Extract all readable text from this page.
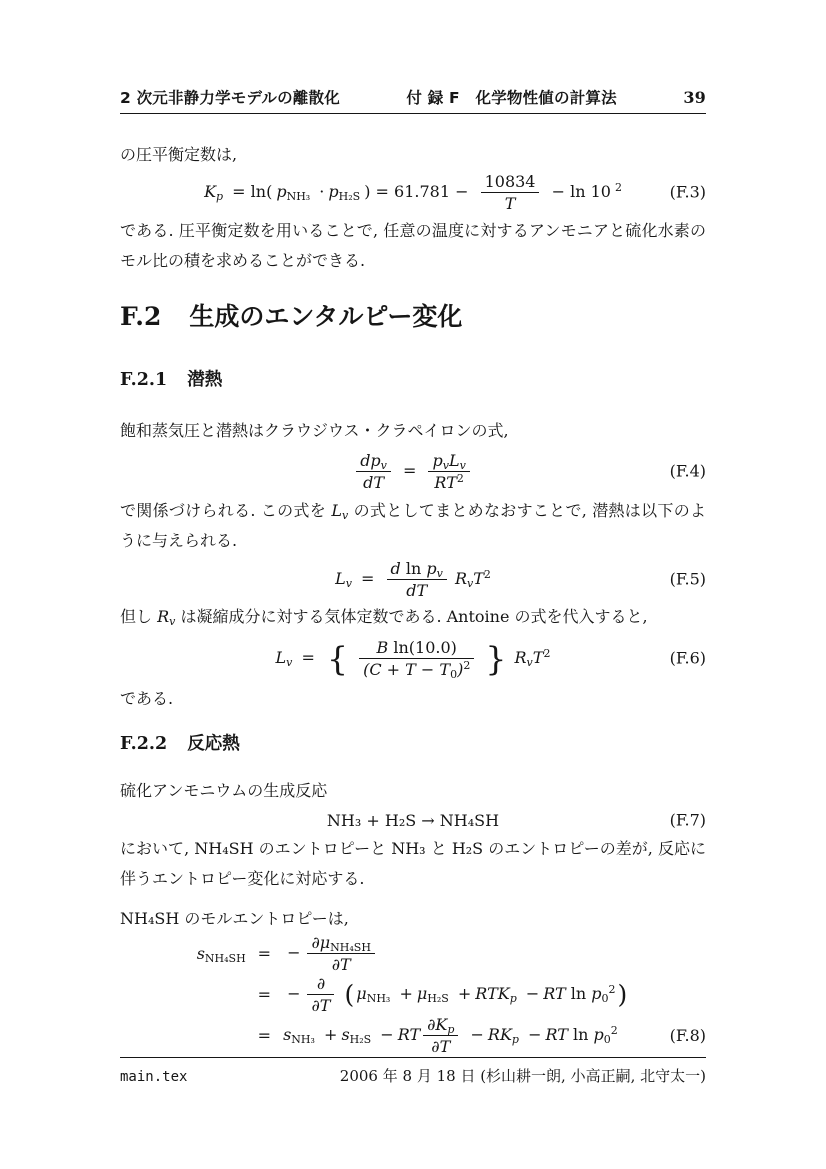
2 次元非静力学モデルの離散化	付 録 F　化学物性値の計算法	39

の圧平衡定数は,

$K_p = \ln$( $p_{NH_3} \cdot p_{H_2S}$ ) = $61.781 - \frac{10834}{T} - \ln 10$ $^2$	(F.3)

である. 圧平衡定数を用いることで, 任意の温度に対するアンモニアと硫化水素のモル比の積を求めることができる.

F.2 生成のエンタルピー変化
F.2.1 潜熱

飽和蒸気圧と潜熱はクラウジウス・クラペイロンの式,

$\frac{dp_v}{dT} = \frac{p_vL_v}{RT^2}$	(F.4)

で関係づけられる. この式を $L_v$ の式としてまとめなおすことで, 潜熱は以下のように与えられる.

$L_v = \frac{d \ln p_v}{dT} R_vT^2$	(F.5)

但し $R_v$ は凝縮成分に対する気体定数である. Antoine の式を代入すると,

$L_v$ = { $\frac{\text{B ln(10.0)}}{(C + T - T_0)^2}$ } $R_vT^2$	(F.6)

である.

F.2.2 反応熱

硫化アンモニウムの生成反応

NH₃ + H₂S → NH₄SH	(F.7)

において, NH₄SH のエントロピーと NH₃ と H₂S のエントロピーの差が, 反応に伴うエントロピー変化に対応する.

NH₄SH のモルエントロピーは,

$s_{NH_4SH}$ = − $\frac{\partial\mu_{NH_4SH}}{\partial T}$
= − $\frac{\partial}{\partial T}$ ( $\mu_{NH_3} + \mu_{H_2S} + RTK_p$ − RT $\ln p_0^2$)
= $s_{NH_3} + s_{H_2S}$ − RT $\frac{\partial K_p}{\partial T} - RK_p$ − RT $\ln p_0^2$	(F.8)
main.tex	2006 年 8 月 18 日 (杉山耕一朗, 小高正嗣, 北守太一)
